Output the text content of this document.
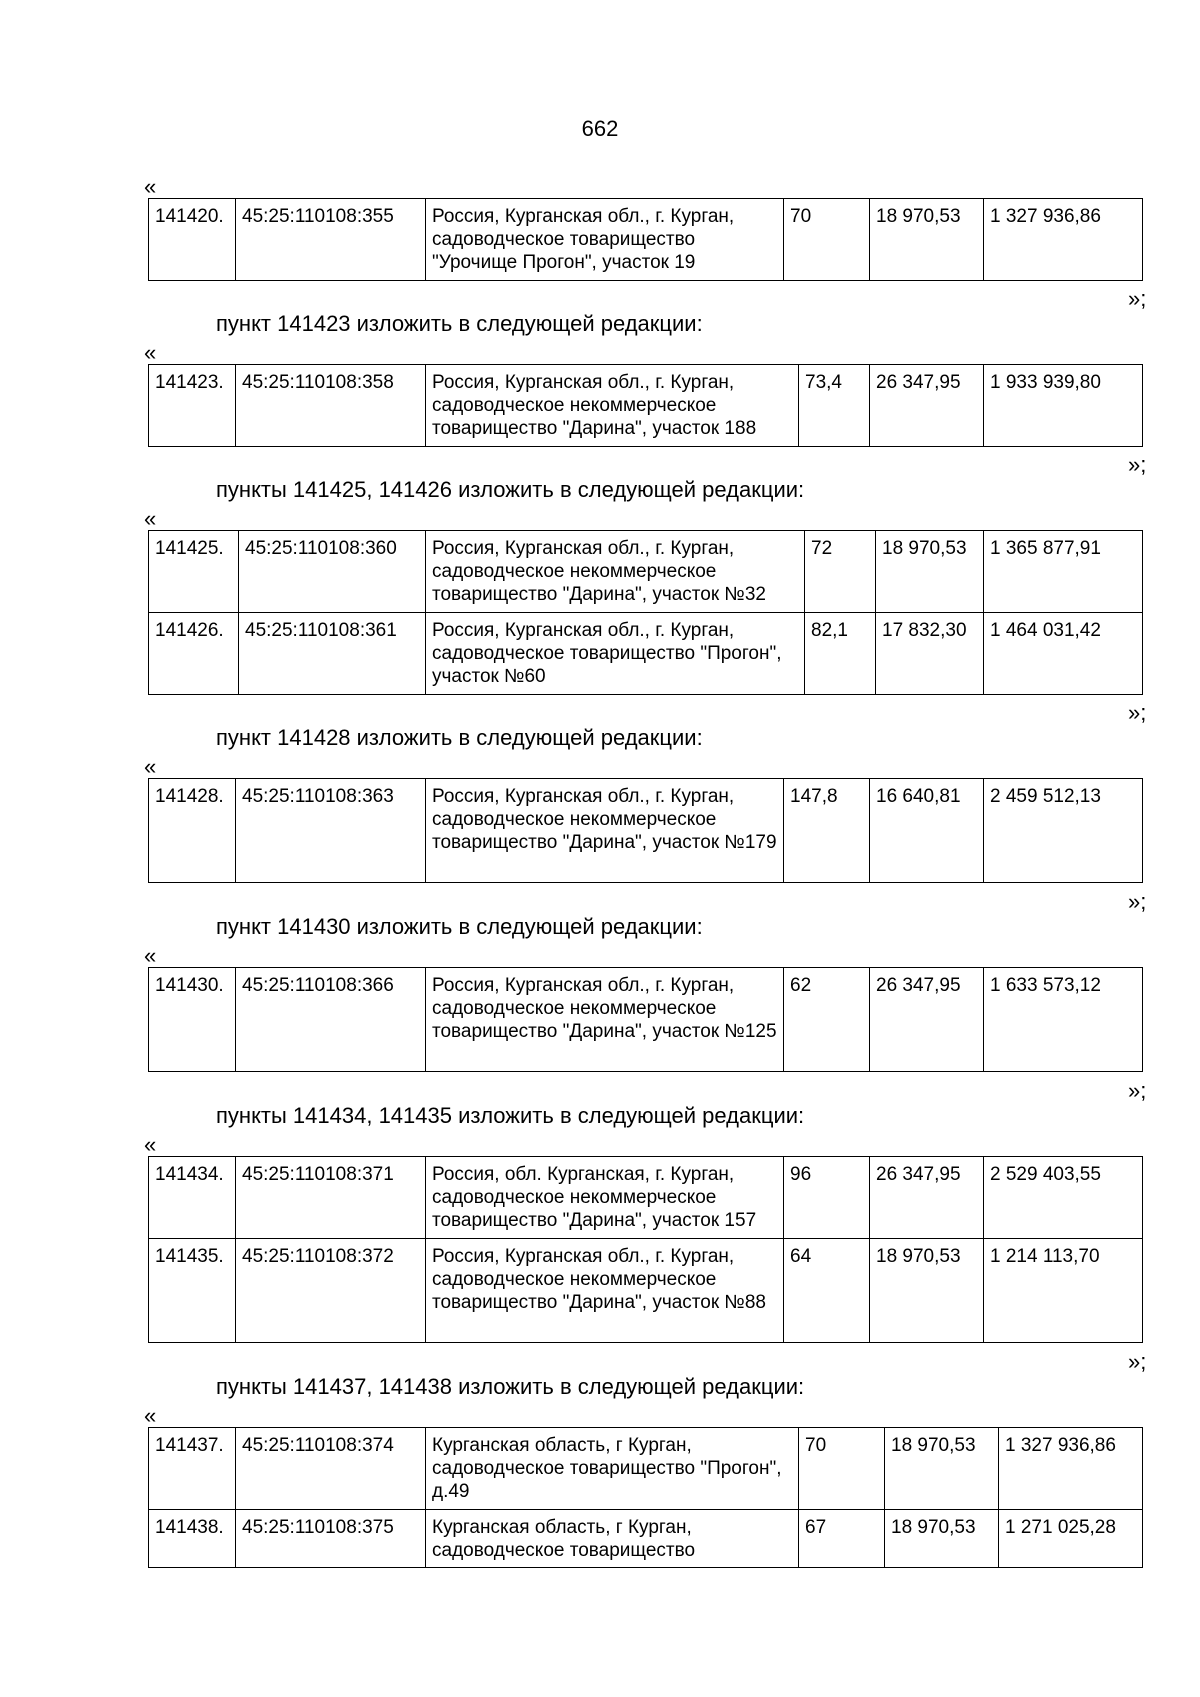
662
«
141420.	45:25:110108:355	Россия, Курганская обл., г. Курган, садоводческое товарищество "Урочище Прогон", участок 19	70	18 970,53	1 327 936,86
»;
пункт 141423 изложить в следующей редакции:
«
141423.	45:25:110108:358	Россия, Курганская обл., г. Курган, садоводческое некоммерческое товарищество "Дарина", участок 188	73,4	26 347,95	1 933 939,80
»;
пункты 141425, 141426 изложить в следующей редакции:
«
141425.	45:25:110108:360	Россия, Курганская обл., г. Курган, садоводческое некоммерческое товарищество "Дарина", участок №32	72	18 970,53	1 365 877,91
141426.	45:25:110108:361	Россия, Курганская обл., г. Курган, садоводческое товарищество "Прогон", участок №60	82,1	17 832,30	1 464 031,42
»;
пункт 141428 изложить в следующей редакции:
«
141428.	45:25:110108:363	Россия, Курганская обл., г. Курган, садоводческое некоммерческое товарищество "Дарина", участок №179	147,8	16 640,81	2 459 512,13
»;
пункт 141430 изложить в следующей редакции:
«
141430.	45:25:110108:366	Россия, Курганская обл., г. Курган, садоводческое некоммерческое товарищество "Дарина", участок №125	62	26 347,95	1 633 573,12
»;
пункты 141434, 141435 изложить в следующей редакции:
«
141434.	45:25:110108:371	Россия, обл. Курганская, г. Курган, садоводческое некоммерческое товарищество "Дарина", участок 157	96	26 347,95	2 529 403,55
141435.	45:25:110108:372	Россия, Курганская обл., г. Курган, садоводческое некоммерческое товарищество "Дарина", участок №88	64	18 970,53	1 214 113,70
»;
пункты 141437, 141438 изложить в следующей редакции:
«
141437.	45:25:110108:374	Курганская область, г Курган, садоводческое товарищество "Прогон", д.49	70	18 970,53	1 327 936,86
141438.	45:25:110108:375	Курганская область, г Курган, садоводческое товарищество	67	18 970,53	1 271 025,28
